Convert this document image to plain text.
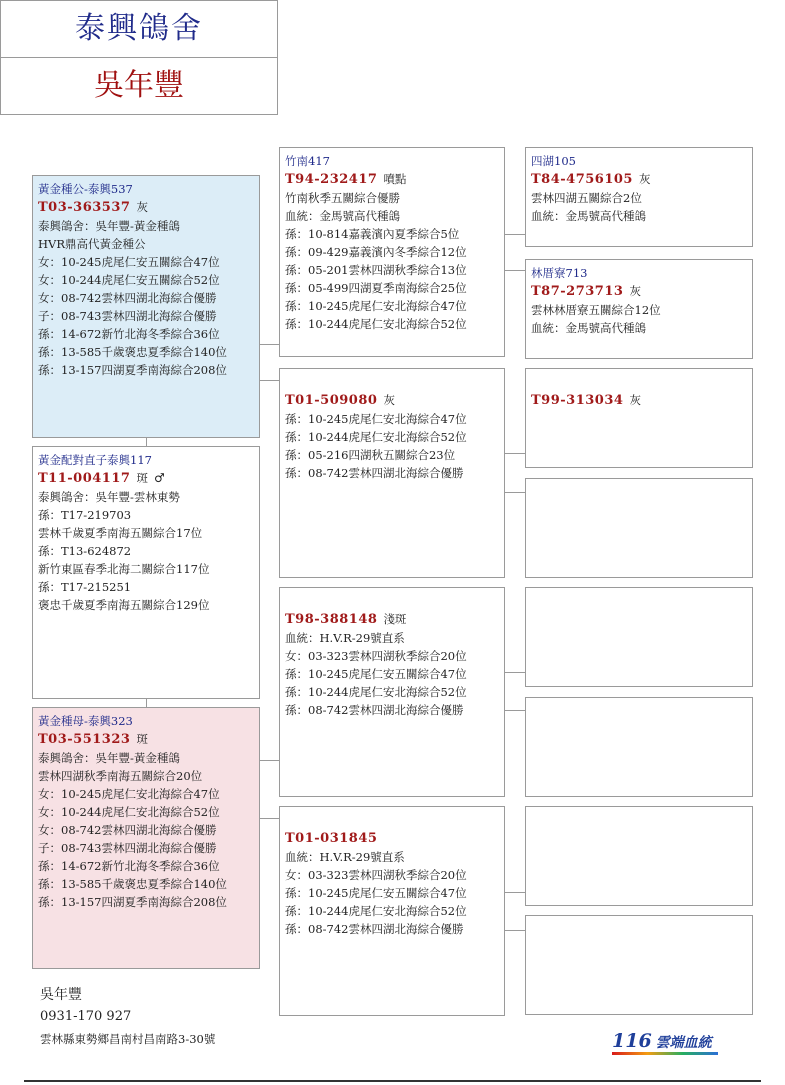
泰興鴿舍
吳年豐
黃金種公-泰興537
T03-363537 灰
泰興鴿舍：吳年豐-黃金種鴿
HVR鼎高代黃金種公
女：10-245虎尾仁安五關綜合47位
女：10-244虎尾仁安五關綜合52位
女：08-742雲林四湖北海綜合優勝
子：08-743雲林四湖北海綜合優勝
孫：14-672新竹北海冬季綜合36位
孫：13-585千歲褒忠夏季綜合140位
孫：13-157四湖夏季南海綜合208位
黃金配對直子泰興117
T11-004117 斑 ♂
泰興鴿舍：吳年豐-雲林東勢
孫：T17-219703
雲林千歲夏季南海五關綜合17位
孫：T13-624872
新竹東區春季北海二關綜合117位
孫：T17-215251
褒忠千歲夏季南海五關綜合129位
黃金種母-泰興323
T03-551323 斑
泰興鴿舍：吳年豐-黃金種鴿
雲林四湖秋季南海五關綜合20位
女：10-245虎尾仁安北海綜合47位
女：10-244虎尾仁安北海綜合52位
女：08-742雲林四湖北海綜合優勝
子：08-743雲林四湖北海綜合優勝
孫：14-672新竹北海冬季綜合36位
孫：13-585千歲褒忠夏季綜合140位
孫：13-157四湖夏季南海綜合208位
竹南417
T94-232417 噴點
竹南秋季五關綜合優勝
血統：金馬號高代種鴿
孫：10-814嘉義濱內夏季綜合5位
孫：09-429嘉義濱內冬季綜合12位
孫：05-201雲林四湖秋季綜合13位
孫：05-499四湖夏季南海綜合25位
孫：10-245虎尾仁安北海綜合47位
孫：10-244虎尾仁安北海綜合52位
T01-509080 灰
孫：10-245虎尾仁安北海綜合47位
孫：10-244虎尾仁安北海綜合52位
孫：05-216四湖秋五關綜合23位
孫：08-742雲林四湖北海綜合優勝
T98-388148 淺斑
血統：H.V.R-29號直系
女：03-323雲林四湖秋季綜合20位
孫：10-245虎尾仁安五關綜合47位
孫：10-244虎尾仁安北海綜合52位
孫：08-742雲林四湖北海綜合優勝
T01-031845
血統：H.V.R-29號直系
女：03-323雲林四湖秋季綜合20位
孫：10-245虎尾仁安五關綜合47位
孫：10-244虎尾仁安北海綜合52位
孫：08-742雲林四湖北海綜合優勝
四湖105
T84-4756105 灰
雲林四湖五關綜合2位
血統：金馬號高代種鴿
林厝寮713
T87-273713 灰
雲林林厝寮五關綜合12位
血統：金馬號高代種鴿
T99-313034 灰
吳年豐
0931-170 927
雲林縣東勢鄉昌南村昌南路3-30號	116 雲端血統
